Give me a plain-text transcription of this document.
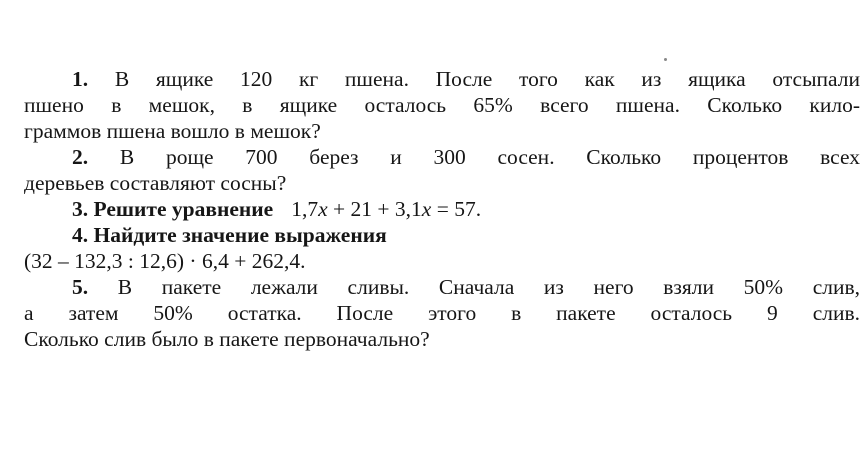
1. В ящике 120 кг пшена. После того как из ящика отсыпали
пшено в мешок, в ящике осталось 65% всего пшена. Сколько кило-
граммов пшена вошло в мешок?
2. В роще 700 берез и 300 сосен. Сколько процентов всех
деревьев составляют сосны?
3. Решите уравнение 1,7x + 21 + 3,1x = 57.
4. Найдите значение выражения
(32 – 132,3 : 12,6) · 6,4 + 262,4.
5. В пакете лежали сливы. Сначала из него взяли 50% слив,
а затем 50% остатка. После этого в пакете осталось 9 слив.
Сколько слив было в пакете первоначально?
